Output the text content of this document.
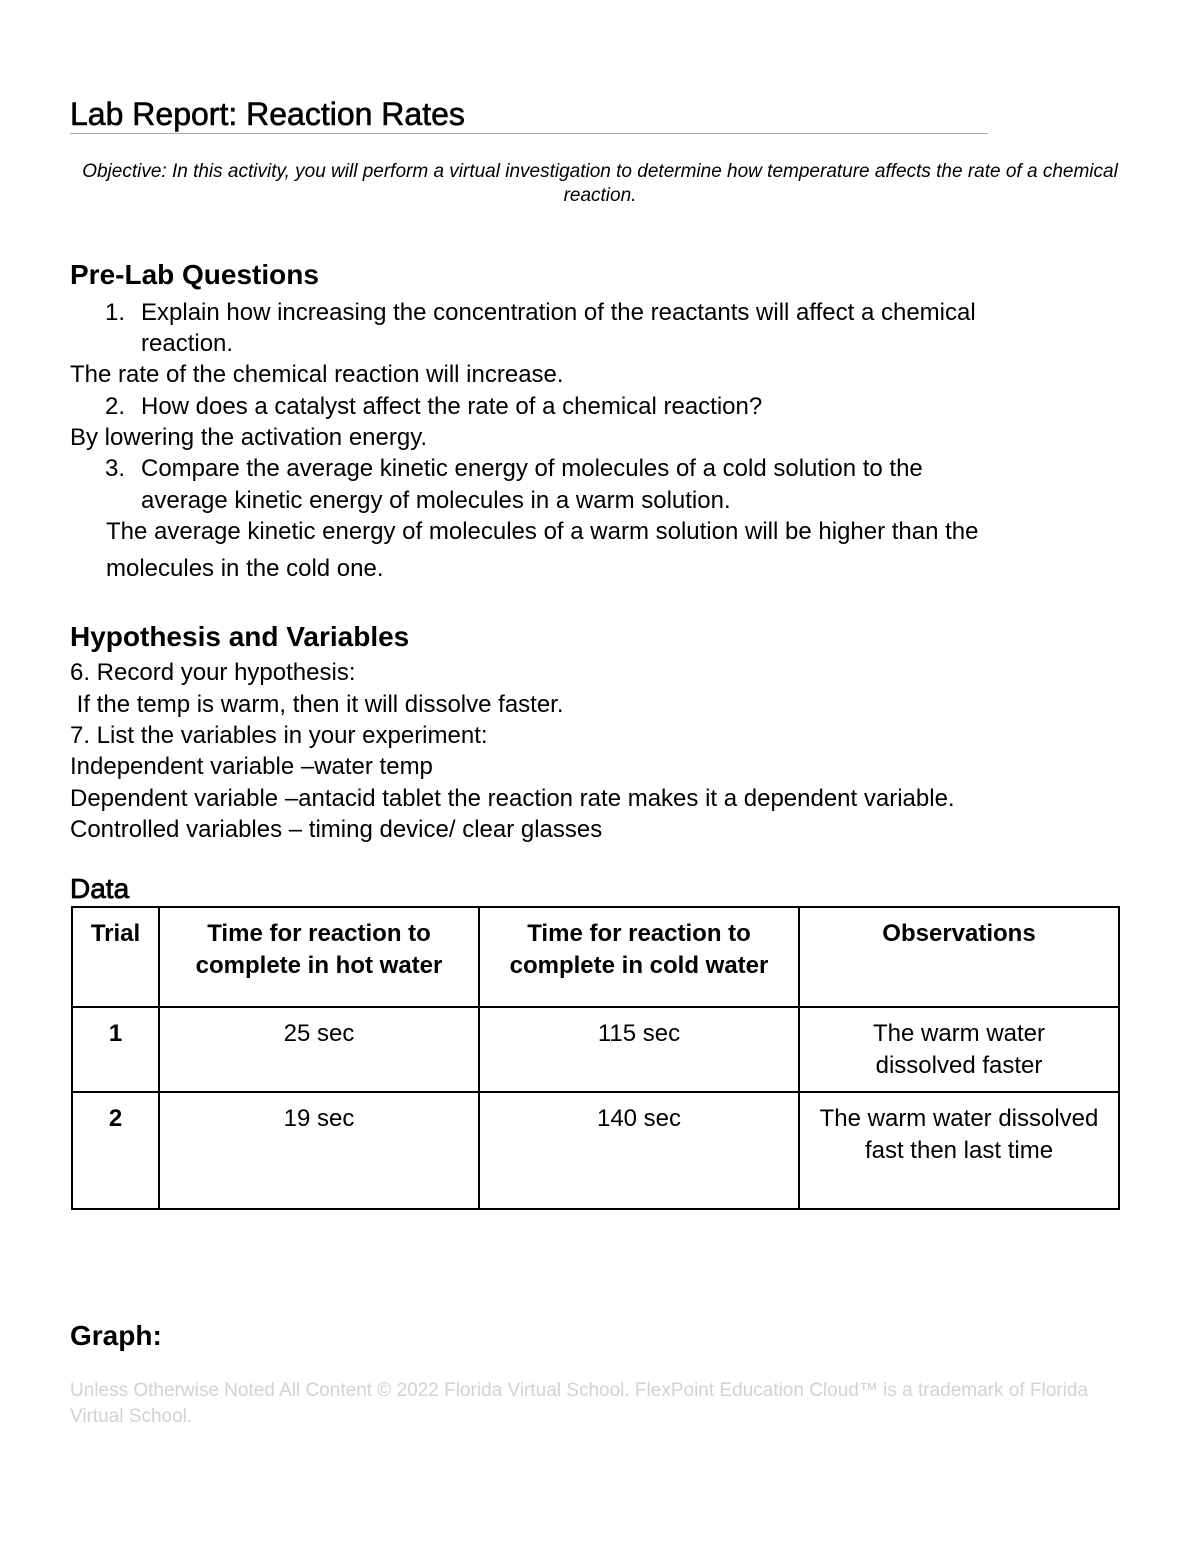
Lab Report: Reaction Rates

Objective: In this activity, you will perform a virtual investigation to determine how temperature affects the rate of a chemical reaction.

Pre-Lab Questions
1. Explain how increasing the concentration of the reactants will affect a chemical

reaction.

The rate of the chemical reaction will increase.

2. How does a catalyst affect the rate of a chemical reaction?

By lowering the activation energy.

3. Compare the average kinetic energy of molecules of a cold solution to the

average kinetic energy of molecules in a warm solution.

The average kinetic energy of molecules of a warm solution will be higher than the

molecules in the cold one.

Hypothesis and Variables

6. Record your hypothesis:

If the temp is warm, then it will dissolve faster.

7. List the variables in your experiment:

Independent variable –water temp

Dependent variable –antacid tablet the reaction rate makes it a dependent variable.

Controlled variables – timing device/ clear glasses

Data
Trial	Time for reaction to complete in hot water	Time for reaction to complete in cold water	Observations
1	25 sec	115 sec	The warm water dissolved faster
2	19 sec	140 sec	The warm water dissolved fast then last time
Graph:

Unless Otherwise Noted All Content © 2022 Florida Virtual School. FlexPoint Education Cloud™ is a trademark of Florida Virtual School.
